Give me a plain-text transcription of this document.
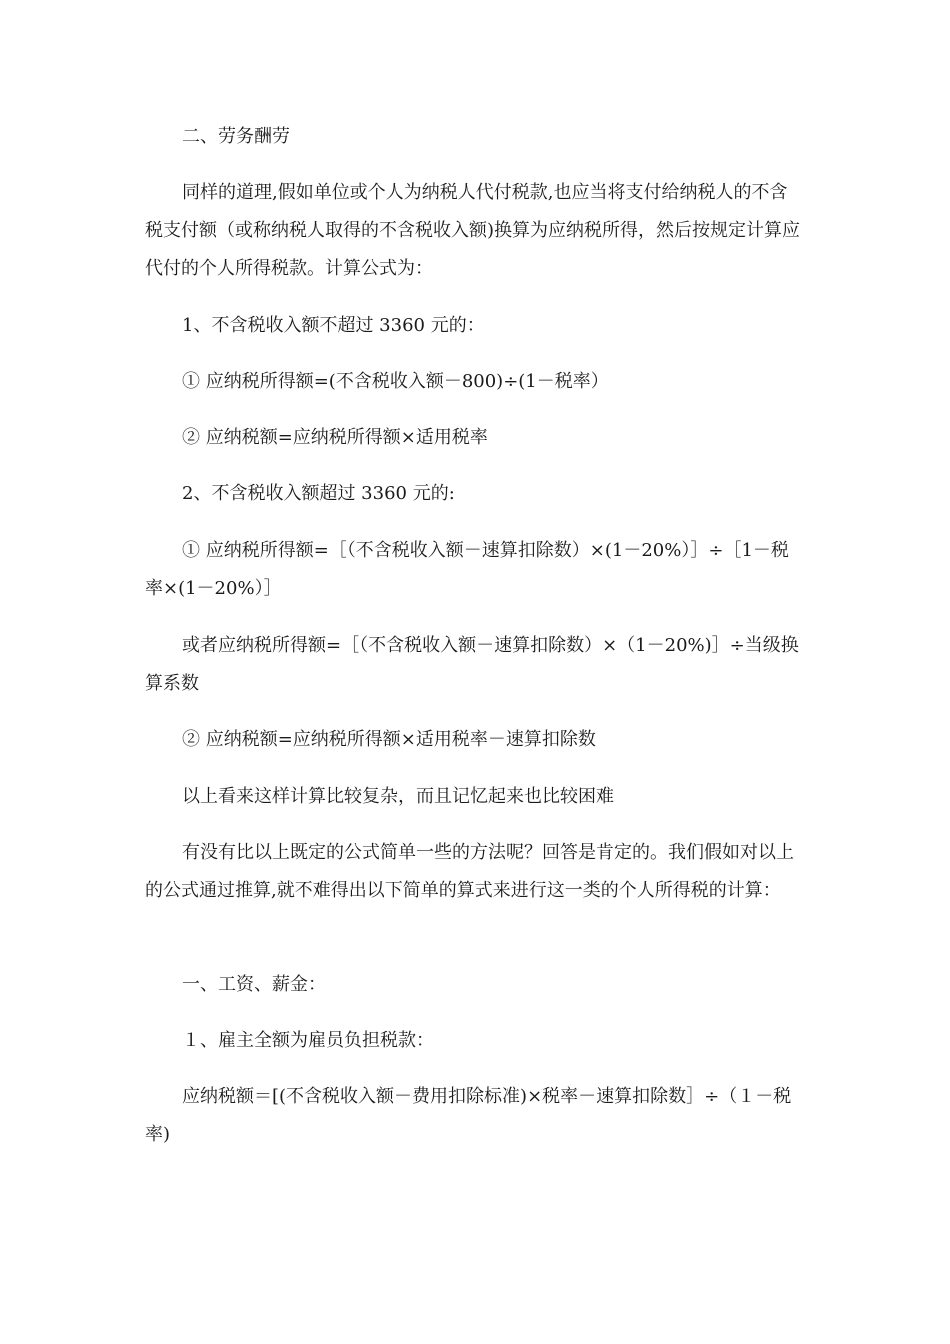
二、劳务酬劳

同样的道理,假如单位或个人为纳税人代付税款,也应当将支付给纳税人的不含税支付额（或称纳税人取得的不含税收入额)换算为应纳税所得，然后按规定计算应代付的个人所得税款。计算公式为：

1、不含税收入额不超过 3360 元的：

① 应纳税所得额=(不含税收入额－800)÷(1－税率）

② 应纳税额=应纳税所得额×适用税率

2、不含税收入额超过 3360 元的:

① 应纳税所得额=［（不含税收入额－速算扣除数）×(1－20%）］÷［1－税率×(1－20%）］

或者应纳税所得额=［（不含税收入额－速算扣除数）×（1－20%)］÷当级换算系数

② 应纳税额=应纳税所得额×适用税率－速算扣除数

以上看来这样计算比较复杂，而且记忆起来也比较困难

有没有比以上既定的公式简单一些的方法呢？回答是肯定的。我们假如对以上的公式通过推算,就不难得出以下简单的算式来进行这一类的个人所得税的计算：

一、工资、薪金：

１、雇主全额为雇员负担税款：

应纳税额＝[(不含税收入额－费用扣除标准)×税率－速算扣除数］÷（１－税率)
